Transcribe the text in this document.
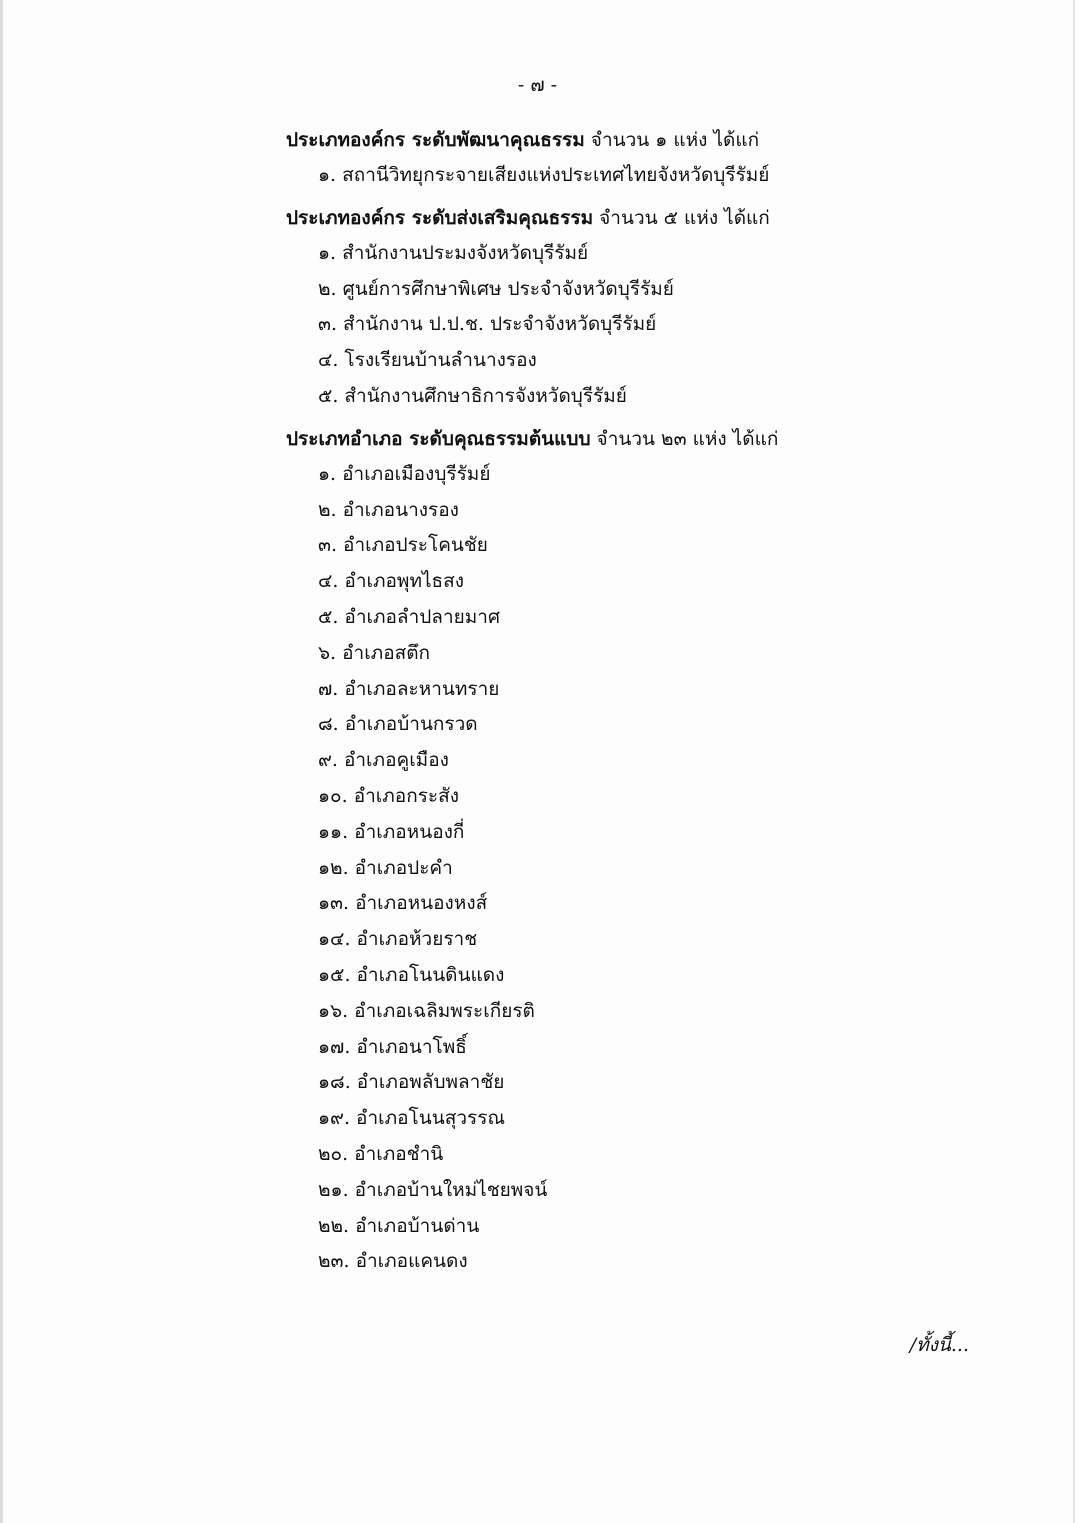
- ๗ -
ประเภทองค์กร ระดับพัฒนาคุณธรรม จำนวน ๑ แห่ง ได้แก่
๑. สถานีวิทยุกระจายเสียงแห่งประเทศไทยจังหวัดบุรีรัมย์
ประเภทองค์กร ระดับส่งเสริมคุณธรรม จำนวน ๕ แห่ง ได้แก่
๑. สำนักงานประมงจังหวัดบุรีรัมย์
๒. ศูนย์การศึกษาพิเศษ ประจำจังหวัดบุรีรัมย์
๓. สำนักงาน ป.ป.ช. ประจำจังหวัดบุรีรัมย์
๔. โรงเรียนบ้านลำนางรอง
๕. สำนักงานศึกษาธิการจังหวัดบุรีรัมย์
ประเภทอำเภอ ระดับคุณธรรมต้นแบบ จำนวน ๒๓ แห่ง ได้แก่
๑. อำเภอเมืองบุรีรัมย์
๒. อำเภอนางรอง
๓. อำเภอประโคนชัย
๔. อำเภอพุทไธสง
๕. อำเภอลำปลายมาศ
๖. อำเภอสตึก
๗. อำเภอละหานทราย
๘. อำเภอบ้านกรวด
๙. อำเภอคูเมือง
๑๐. อำเภอกระสัง
๑๑. อำเภอหนองกี่
๑๒. อำเภอปะคำ
๑๓. อำเภอหนองหงส์
๑๔. อำเภอห้วยราช
๑๕. อำเภอโนนดินแดง
๑๖. อำเภอเฉลิมพระเกียรติ
๑๗. อำเภอนาโพธิ์
๑๘. อำเภอพลับพลาชัย
๑๙. อำเภอโนนสุวรรณ
๒๐. อำเภอชำนิ
๒๑. อำเภอบ้านใหม่ไชยพจน์
๒๒. อำเภอบ้านด่าน
๒๓. อำเภอแคนดง
/ทั้งนี้...
